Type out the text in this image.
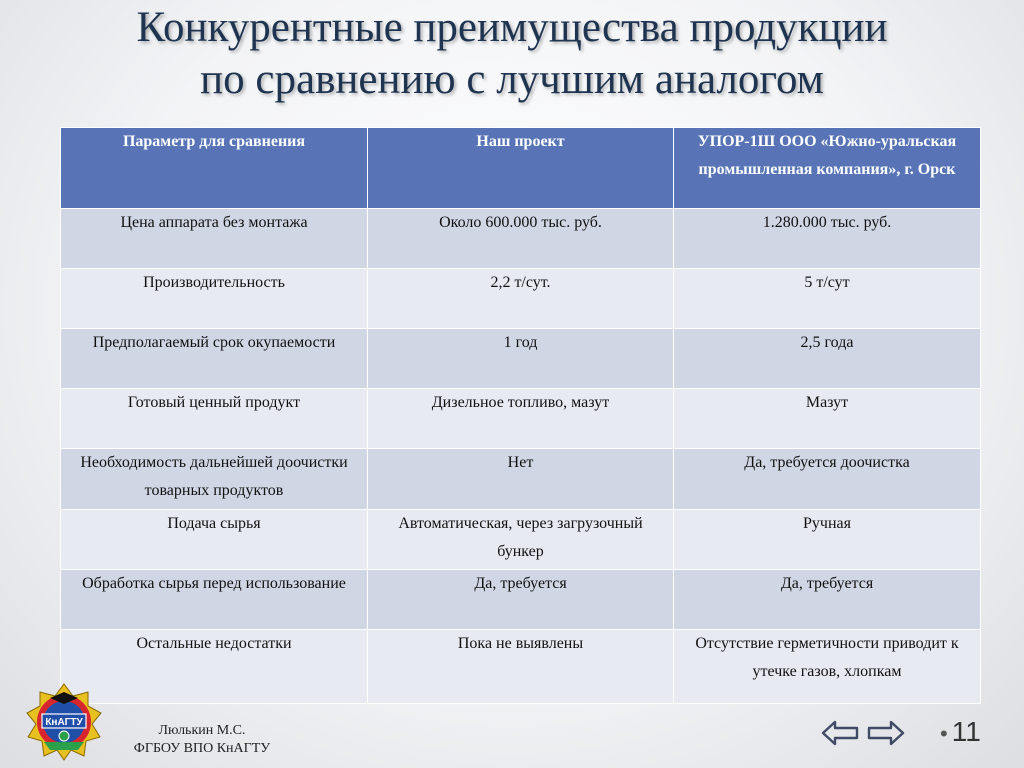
Конкурентные преимущества продукции
по сравнению с лучшим аналогом
Параметр для сравнения	Наш проект	УПОР-1Ш ООО «Южно-уральская промышленная компания», г. Орск
Цена аппарата без монтажа	Около 600.000 тыс. руб.	1.280.000 тыс. руб.
Производительность	2,2 т/сут.	5 т/сут
Предполагаемый срок окупаемости	1 год	2,5 года
Готовый ценный продукт	Дизельное топливо, мазут	Мазут
Необходимость дальнейшей доочистки товарных продуктов	Нет	Да, требуется доочистка
Подача сырья	Автоматическая, через загрузочный бункер	Ручная
Обработка сырья перед использование	Да, требуется	Да, требуется
Остальные недостатки	Пока не выявлены	Отсутствие герметичности приводит к утечке газов, хлопкам
КнАГТУ
Люлькин М.С.
ФГБОУ ВПО КнАГТУ
• 11
